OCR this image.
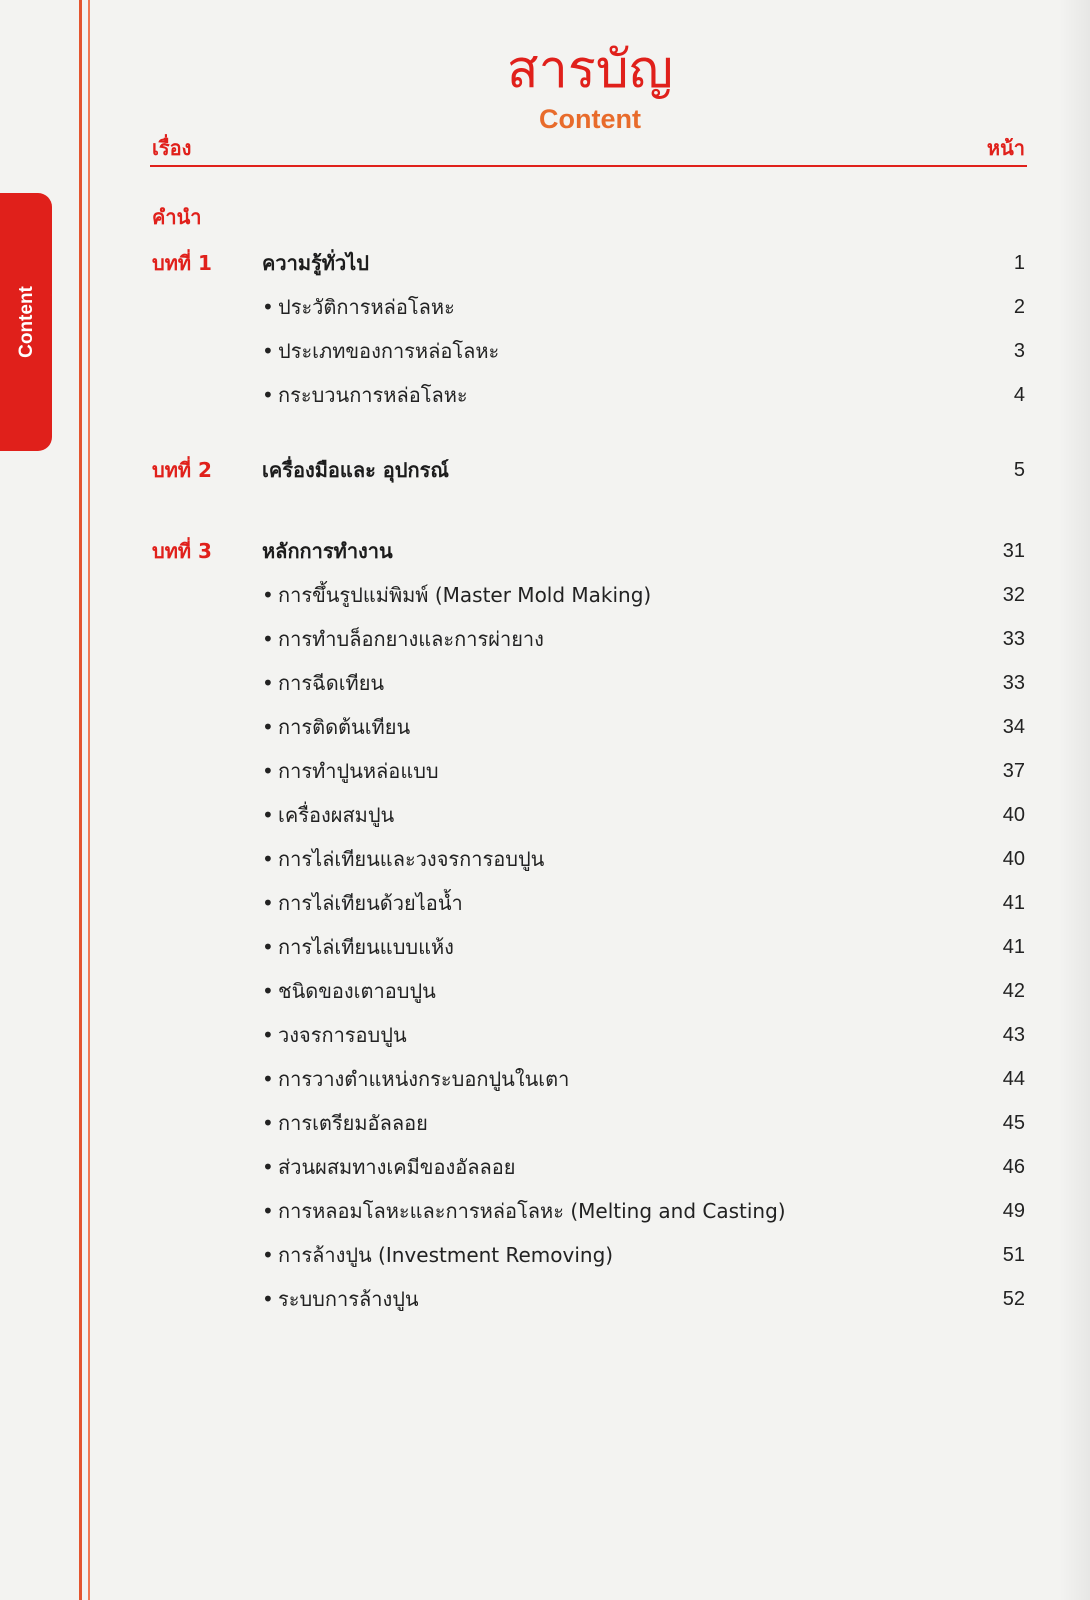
Content
สารบัญ
Content
เรื่อง	หน้า
คำนำ
บทที่ 1	ความรู้ทั่วไป	1
• ประวัติการหล่อโลหะ	2
• ประเภทของการหล่อโลหะ	3
• กระบวนการหล่อโลหะ	4
บทที่ 2	เครื่องมือและ อุปกรณ์	5
บทที่ 3	หลักการทำงาน	31
• การขึ้นรูปแม่พิมพ์ (Master Mold Making)	32
• การทำบล็อกยางและการผ่ายาง	33
• การฉีดเทียน	33
• การติดต้นเทียน	34
• การทำปูนหล่อแบบ	37
• เครื่องผสมปูน	40
• การไล่เทียนและวงจรการอบปูน	40
• การไล่เทียนด้วยไอน้ำ	41
• การไล่เทียนแบบแห้ง	41
• ชนิดของเตาอบปูน	42
• วงจรการอบปูน	43
• การวางตำแหน่งกระบอกปูนในเตา	44
• การเตรียมอัลลอย	45
• ส่วนผสมทางเคมีของอัลลอย	46
• การหลอมโลหะและการหล่อโลหะ (Melting and Casting)	49
• การล้างปูน (Investment Removing)	51
• ระบบการล้างปูน	52
